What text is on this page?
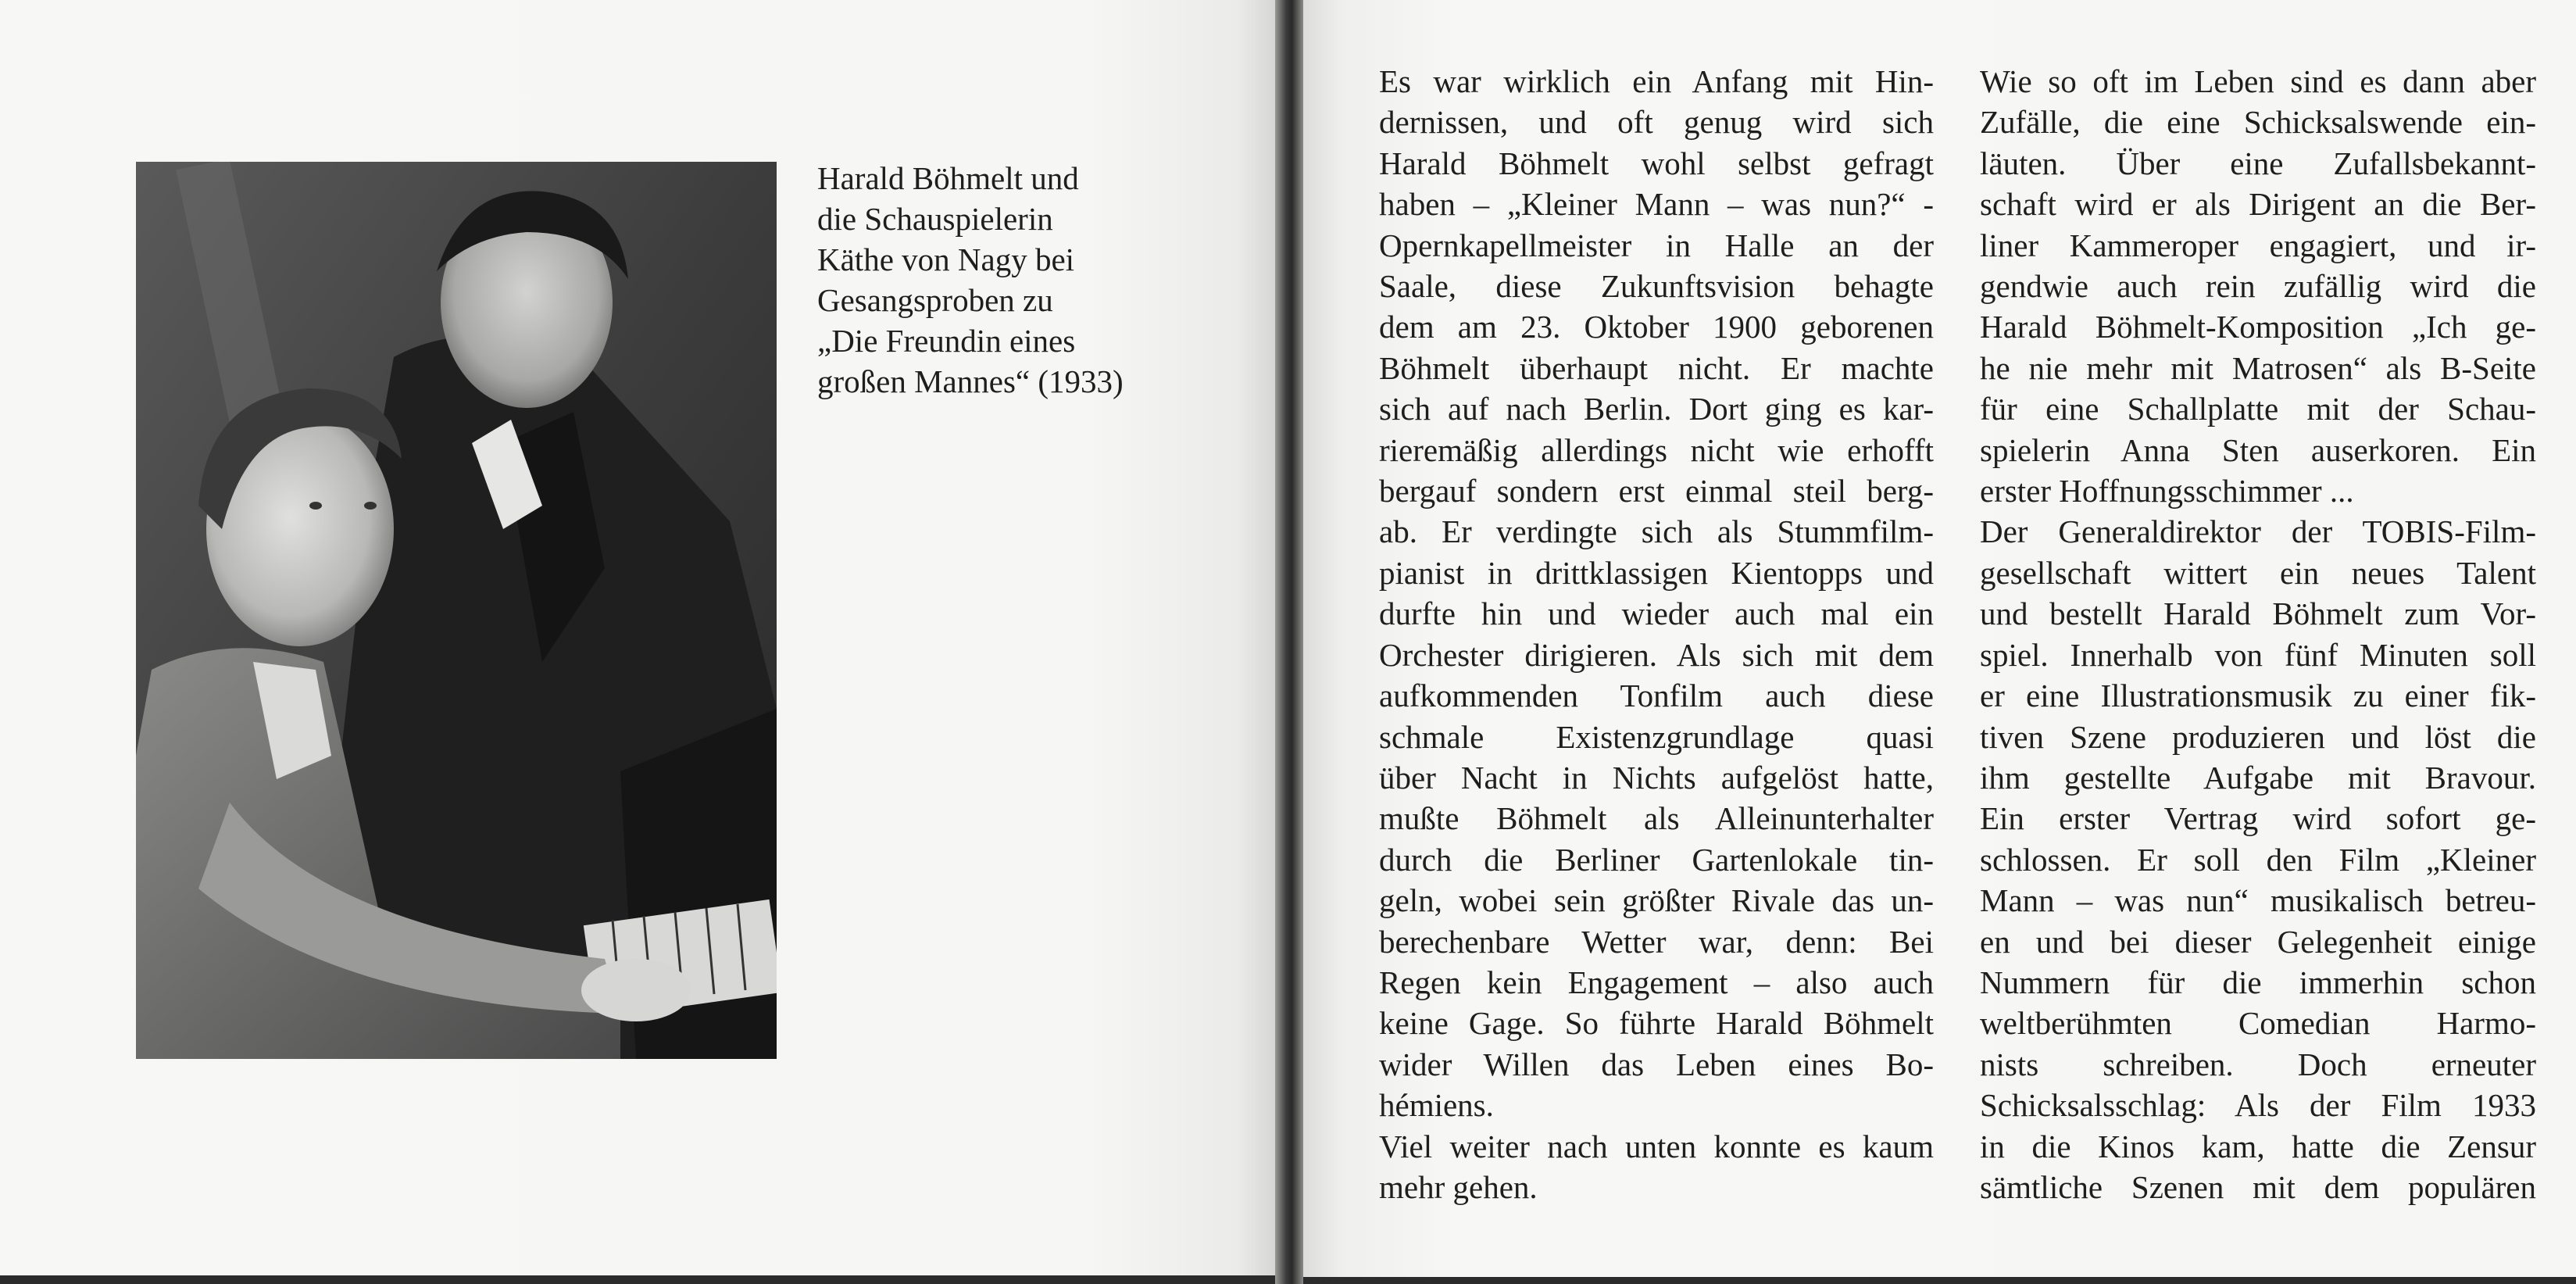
Harald Böhmelt und
die Schauspielerin
Käthe von Nagy bei
Gesangsproben zu
„Die Freundin eines
großen Mannes“ (1933)
Es war wirklich ein Anfang mit Hin-
dernissen, und oft genug wird sich
Harald Böhmelt wohl selbst gefragt
haben – „Kleiner Mann – was nun?“ -
Opernkapellmeister in Halle an der
Saale, diese Zukunftsvision behagte
dem am 23. Oktober 1900 geborenen
Böhmelt überhaupt nicht. Er machte
sich auf nach Berlin. Dort ging es kar-
rieremäßig allerdings nicht wie erhofft
bergauf sondern erst einmal steil berg-
ab. Er verdingte sich als Stummfilm-
pianist in drittklassigen Kientopps und
durfte hin und wieder auch mal ein
Orchester dirigieren. Als sich mit dem
aufkommenden Tonfilm auch diese
schmale Existenzgrundlage quasi
über Nacht in Nichts aufgelöst hatte,
mußte Böhmelt als Alleinunterhalter
durch die Berliner Gartenlokale tin-
geln, wobei sein größter Rivale das un-
berechenbare Wetter war, denn: Bei
Regen kein Engagement – also auch
keine Gage. So führte Harald Böhmelt
wider Willen das Leben eines Bo-
hémiens.
Viel weiter nach unten konnte es kaum
mehr gehen.
Wie so oft im Leben sind es dann aber
Zufälle, die eine Schicksalswende ein-
läuten. Über eine Zufallsbekannt-
schaft wird er als Dirigent an die Ber-
liner Kammeroper engagiert, und ir-
gendwie auch rein zufällig wird die
Harald Böhmelt-Komposition „Ich ge-
he nie mehr mit Matrosen“ als B-Seite
für eine Schallplatte mit der Schau-
spielerin Anna Sten auserkoren. Ein
erster Hoffnungsschimmer ...
Der Generaldirektor der TOBIS-Film-
gesellschaft wittert ein neues Talent
und bestellt Harald Böhmelt zum Vor-
spiel. Innerhalb von fünf Minuten soll
er eine Illustrationsmusik zu einer fik-
tiven Szene produzieren und löst die
ihm gestellte Aufgabe mit Bravour.
Ein erster Vertrag wird sofort ge-
schlossen. Er soll den Film „Kleiner
Mann – was nun“ musikalisch betreu-
en und bei dieser Gelegenheit einige
Nummern für die immerhin schon
weltberühmten Comedian Harmo-
nists schreiben. Doch erneuter
Schicksalsschlag: Als der Film 1933
in die Kinos kam, hatte die Zensur
sämtliche Szenen mit dem populären
